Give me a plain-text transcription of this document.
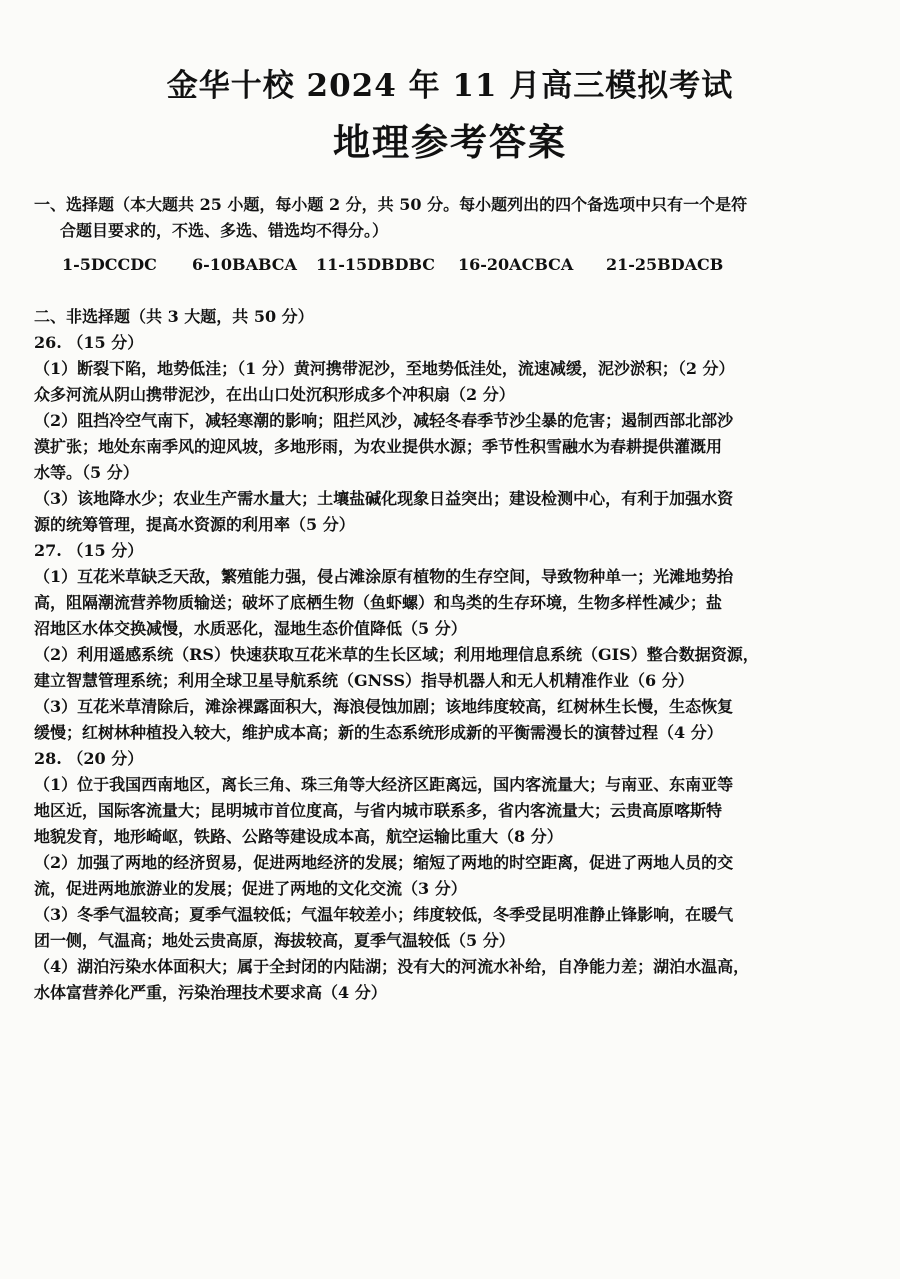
金华十校 2024 年 11 月高三模拟考试
地理参考答案
一、选择题（本大题共 25 小题，每小题 2 分，共 50 分。每小题列出的四个备选项中只有一个是符
合题目要求的，不选、多选、错选均不得分。）
1-5DCCDC	6-10BABCA	11-15DBDBC	16-20ACBCA	21-25BDACB
二、非选择题（共 3 大题，共 50 分）
26. （15 分）
（1）断裂下陷，地势低洼；（1 分）黄河携带泥沙，至地势低洼处，流速减缓，泥沙淤积；（2 分）
众多河流从阴山携带泥沙，在出山口处沉积形成多个冲积扇（2 分）
（2）阻挡冷空气南下，减轻寒潮的影响；阻拦风沙，减轻冬春季节沙尘暴的危害；遏制西部北部沙
漠扩张；地处东南季风的迎风坡，多地形雨，为农业提供水源；季节性积雪融水为春耕提供灌溉用
水等。（5 分）
（3）该地降水少；农业生产需水量大；土壤盐碱化现象日益突出；建设检测中心，有利于加强水资
源的统筹管理，提高水资源的利用率（5 分）
27. （15 分）
（1）互花米草缺乏天敌，繁殖能力强，侵占滩涂原有植物的生存空间，导致物种单一；光滩地势抬
高，阻隔潮流营养物质输送；破坏了底栖生物（鱼虾螺）和鸟类的生存环境，生物多样性减少；盐
沼地区水体交换减慢，水质恶化，湿地生态价值降低（5 分）
（2）利用遥感系统（RS）快速获取互花米草的生长区域；利用地理信息系统（GIS）整合数据资源，
建立智慧管理系统；利用全球卫星导航系统（GNSS）指导机器人和无人机精准作业（6 分）
（3）互花米草清除后，滩涂裸露面积大，海浪侵蚀加剧；该地纬度较高，红树林生长慢，生态恢复
缓慢；红树林种植投入较大，维护成本高；新的生态系统形成新的平衡需漫长的演替过程（4 分）
28. （20 分）
（1）位于我国西南地区，离长三角、珠三角等大经济区距离远，国内客流量大；与南亚、东南亚等
地区近，国际客流量大；昆明城市首位度高，与省内城市联系多，省内客流量大；云贵高原喀斯特
地貌发育，地形崎岖，铁路、公路等建设成本高，航空运输比重大（8 分）
（2）加强了两地的经济贸易，促进两地经济的发展；缩短了两地的时空距离，促进了两地人员的交
流，促进两地旅游业的发展；促进了两地的文化交流（3 分）
（3）冬季气温较高；夏季气温较低；气温年较差小；纬度较低，冬季受昆明准静止锋影响，在暖气
团一侧，气温高；地处云贵高原，海拔较高，夏季气温较低（5 分）
（4）湖泊污染水体面积大；属于全封闭的内陆湖；没有大的河流水补给，自净能力差；湖泊水温高，
水体富营养化严重，污染治理技术要求高（4 分）
